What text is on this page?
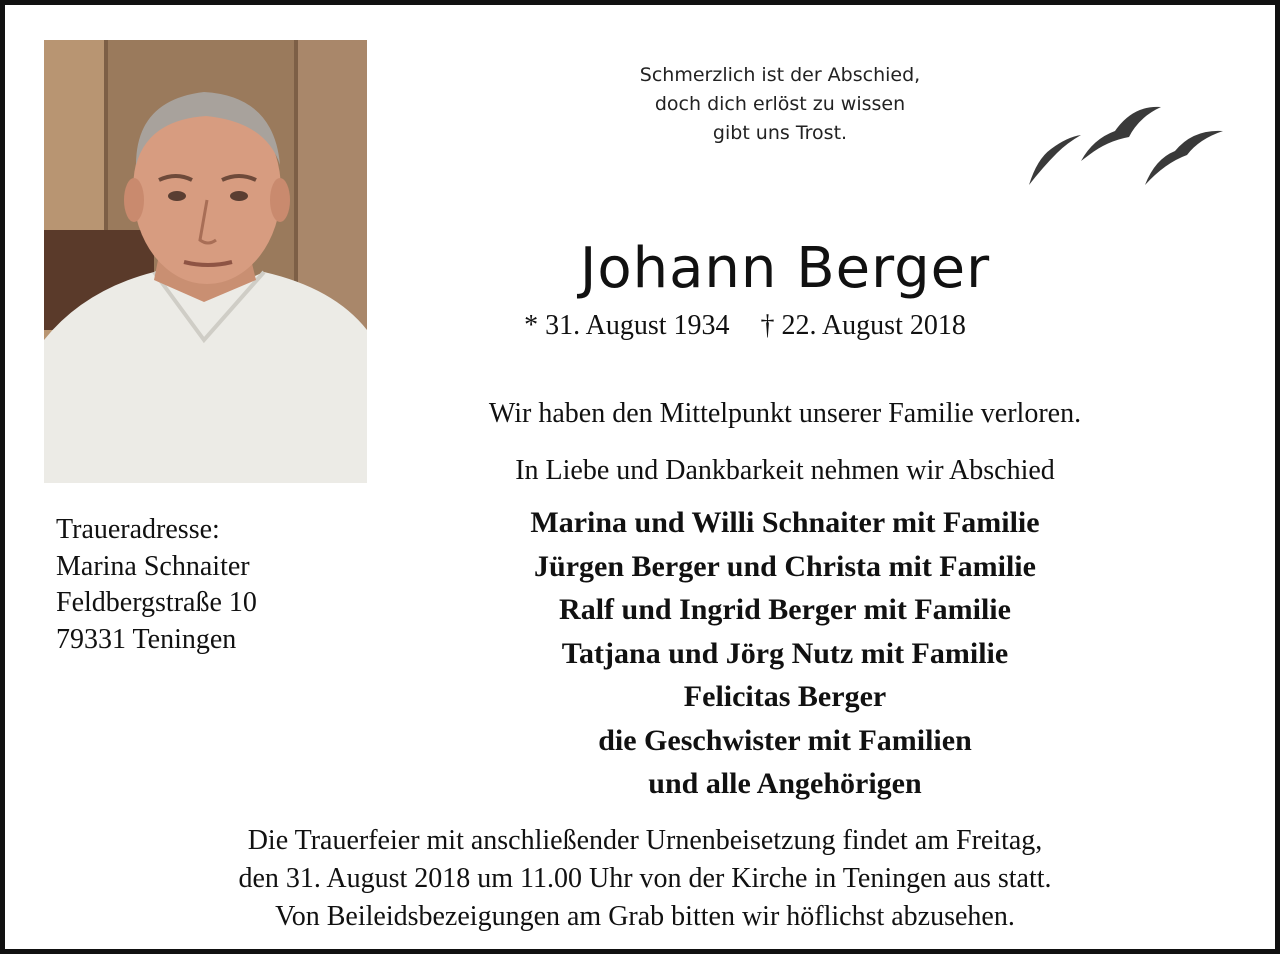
Schmerzlich ist der Abschied,
doch dich erlöst zu wissen
gibt uns Trost.
Johann Berger
* 31. August 1934 † 22. August 2018
Wir haben den Mittelpunkt unserer Familie verloren.
In Liebe und Dankbarkeit nehmen wir Abschied
Marina und Willi Schnaiter mit Familie
Jürgen Berger und Christa mit Familie
Ralf und Ingrid Berger mit Familie
Tatjana und Jörg Nutz mit Familie
Felicitas Berger
die Geschwister mit Familien
und alle Angehörigen
Traueradresse:
Marina Schnaiter
Feldbergstraße 10
79331 Teningen
Die Trauerfeier mit anschließender Urnenbeisetzung findet am Freitag,
den 31. August 2018 um 11.00 Uhr von der Kirche in Teningen aus statt.
Von Beileidsbezeigungen am Grab bitten wir höflichst abzusehen.
